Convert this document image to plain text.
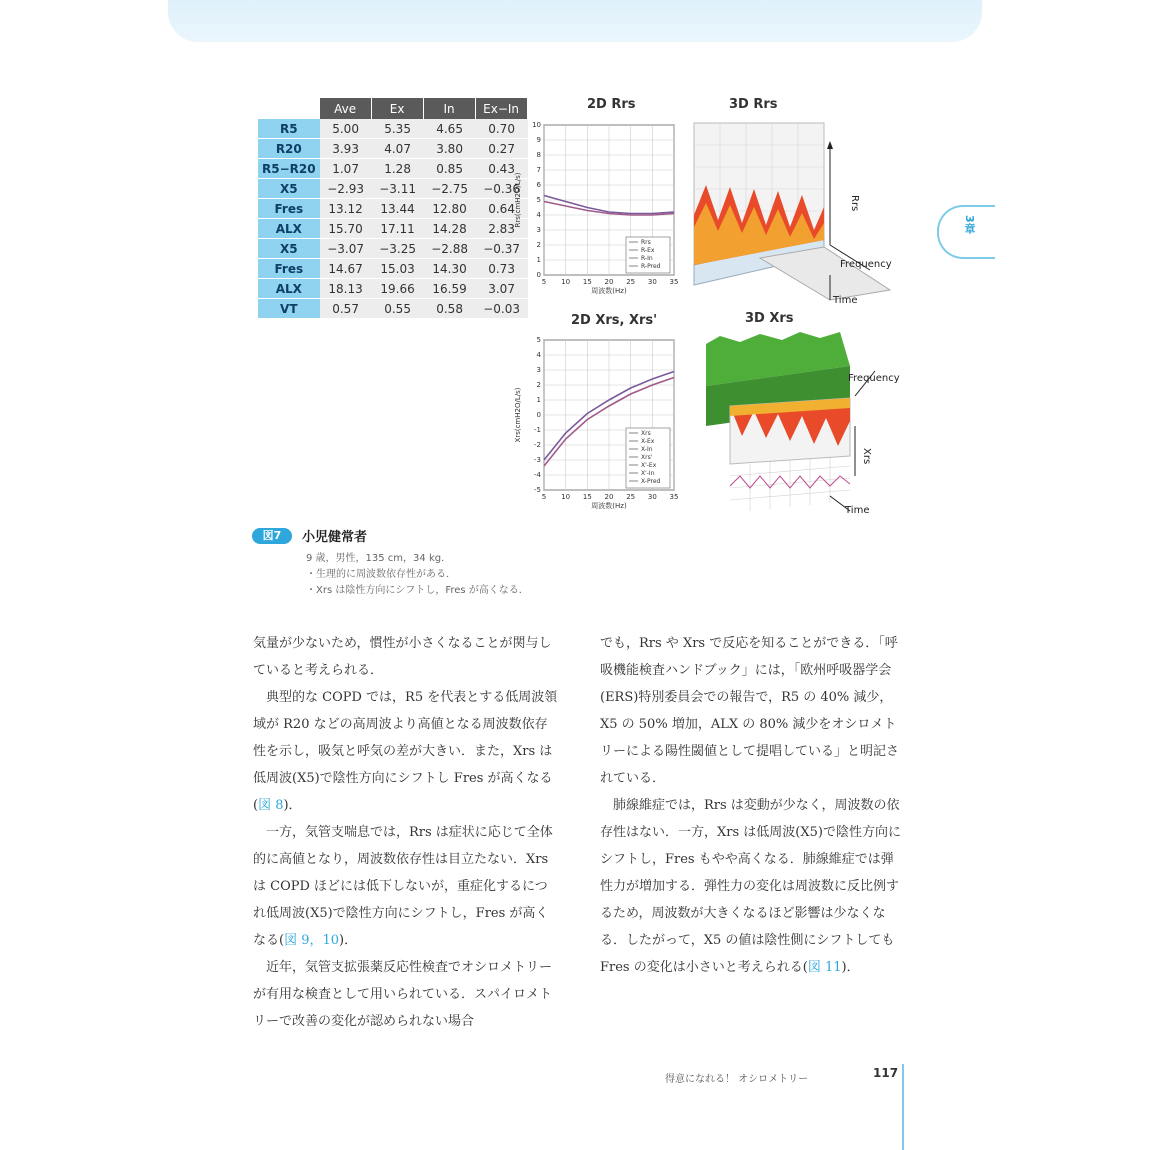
3章
	Ave	Ex	In	Ex−In
R5	5.00	5.35	4.65	0.70
R20	3.93	4.07	3.80	0.27
R5−R20	1.07	1.28	0.85	0.43
X5	−2.93	−3.11	−2.75	−0.36
Fres	13.12	13.44	12.80	0.64
ALX	15.70	17.11	14.28	2.83
X5	−3.07	−3.25	−2.88	−0.37
Fres	14.67	15.03	14.30	0.73
ALX	18.13	19.66	16.59	3.07
VT	0.57	0.55	0.58	−0.03
2D Rrs
10
9
8
7
6
5
4
3
2
1
0
5 10 15 20 25 30 35
周波数(Hz)
Rrs(cmH2O/L/s)
Rrs
R-Ex
R-In
R-Pred
2D Xrs, Xrs'
5
4
3
2
1
0
-1
-2
-3
-4
-5
5 10 15 20 25 30 35
周波数(Hz)
Xrs(cmH2O/L/s)	Xrs
X-Ex
X-In
Xrs'
X'-Ex
X'-In
X-Pred
3D Rrs
Rrs
Frequency
Time
3D Xrs
Frequency
Xrs
Time
図7	小児健常者
9 歳，男性，135 cm，34 kg．
・生理的に周波数依存性がある．
・Xrs は陰性方向にシフトし，Fres が高くなる．

気量が少ないため，慣性が小さくなることが関与していると考えられる．

典型的な COPD では，R5 を代表とする低周波領域が R20 などの高周波より高値となる周波数依存性を示し，吸気と呼気の差が大きい．また，Xrs は低周波(X5)で陰性方向にシフトし Fres が高くなる(図 8)．

一方，気管支喘息では，Rrs は症状に応じて全体的に高値となり，周波数依存性は目立たない．Xrs は COPD ほどには低下しないが，重症化するにつれ低周波(X5)で陰性方向にシフトし，Fres が高くなる(図 9，10)．

近年，気管支拡張薬反応性検査でオシロメトリーが有用な検査として用いられている．スパイロメトリーで改善の変化が認められない場合

でも，Rrs や Xrs で反応を知ることができる．「呼吸機能検査ハンドブック」には，「欧州呼吸器学会(ERS)特別委員会での報告で，R5 の 40% 減少，X5 の 50% 増加，ALX の 80% 減少をオシロメトリーによる陽性閾値として提唱している」と明記されている．

肺線維症では，Rrs は変動が少なく，周波数の依存性はない．一方，Xrs は低周波(X5)で陰性方向にシフトし，Fres もやや高くなる．肺線維症では弾性力が増加する．弾性力の変化は周波数に反比例するため，周波数が大きくなるほど影響は少なくなる．したがって，X5 の値は陰性側にシフトしても Fres の変化は小さいと考えられる(図 11)．

得意になれる！ オシロメトリー	117
